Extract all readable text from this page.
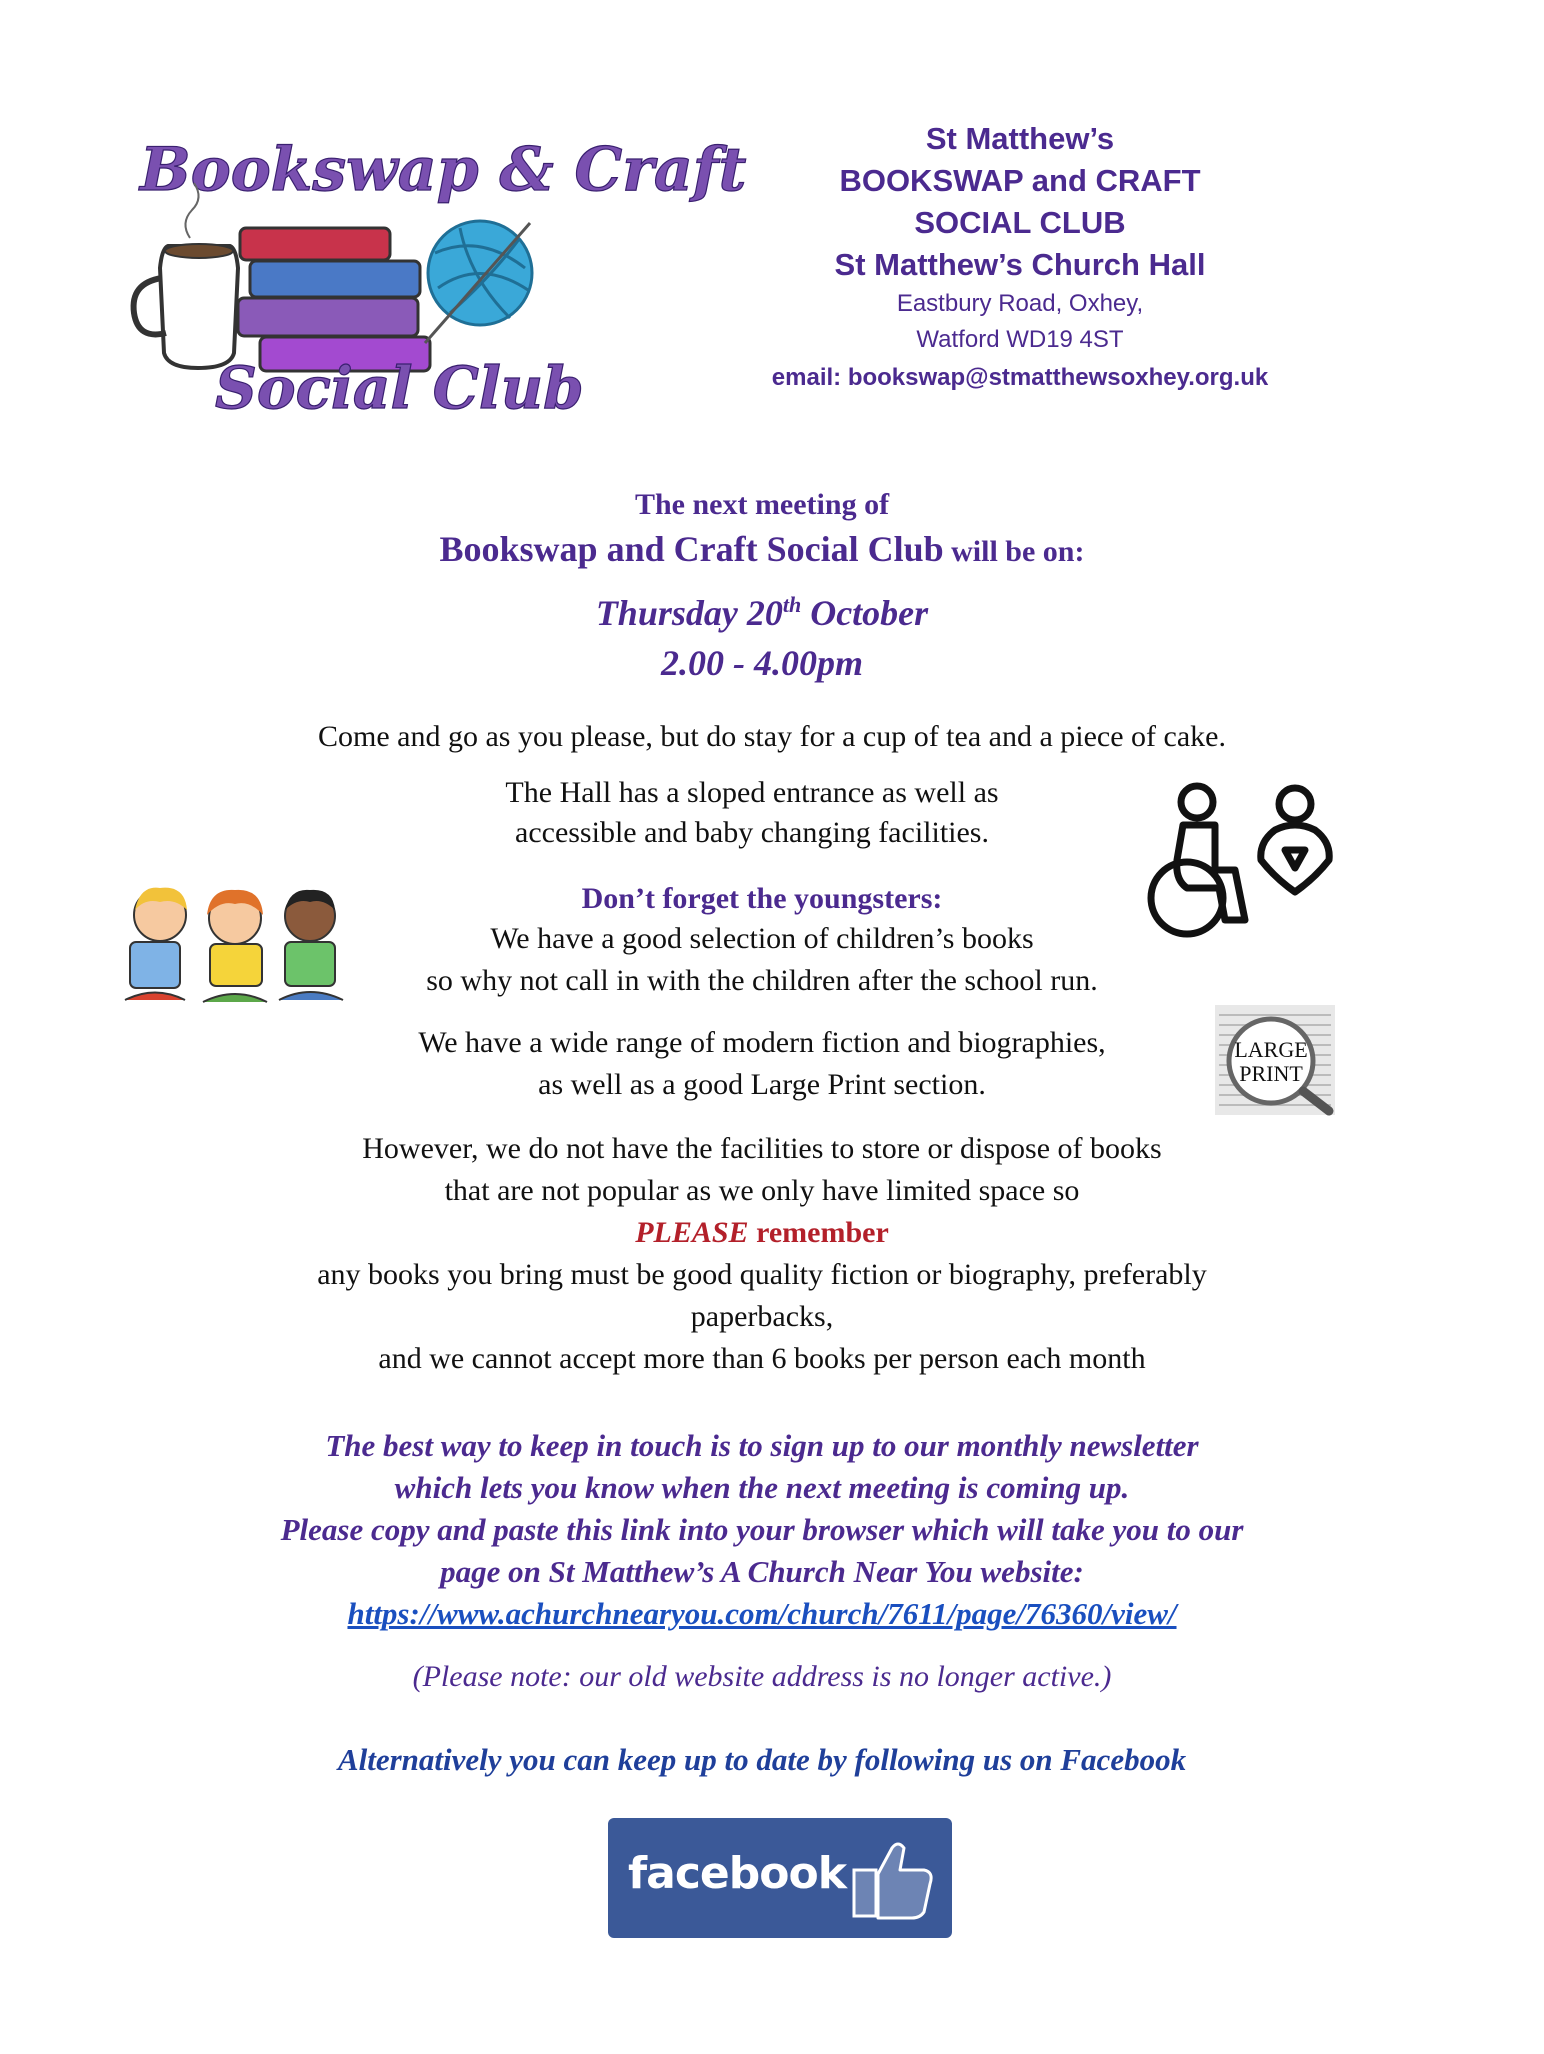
Bookswap & Craft
Social Club
St Matthew’s
BOOKSWAP and CRAFT
SOCIAL CLUB
St Matthew’s Church Hall
Eastbury Road, Oxhey,
Watford WD19 4ST
email: bookswap@stmatthewsoxhey.org.uk
The next meeting of
Bookswap and Craft Social Club will be on:
Thursday 20th October
2.00 - 4.00pm
Come and go as you please, but do stay for a cup of tea and a piece of cake.
The Hall has a sloped entrance as well as
accessible and baby changing facilities.
Don’t forget the youngsters:
We have a good selection of children’s books
so why not call in with the children after the school run.
We have a wide range of modern fiction and biographies,
as well as a good Large Print section.
LARGE
PRINT
However, we do not have the facilities to store or dispose of books
that are not popular as we only have limited space so
PLEASE remember
any books you bring must be good quality fiction or biography, preferably
paperbacks,
and we cannot accept more than 6 books per person each month
The best way to keep in touch is to sign up to our monthly newsletter
which lets you know when the next meeting is coming up.
Please copy and paste this link into your browser which will take you to our
page on St Matthew’s A Church Near You website:
https://www.achurchnearyou.com/church/7611/page/76360/view/
(Please note: our old website address is no longer active.)
Alternatively you can keep up to date by following us on Facebook
facebook
